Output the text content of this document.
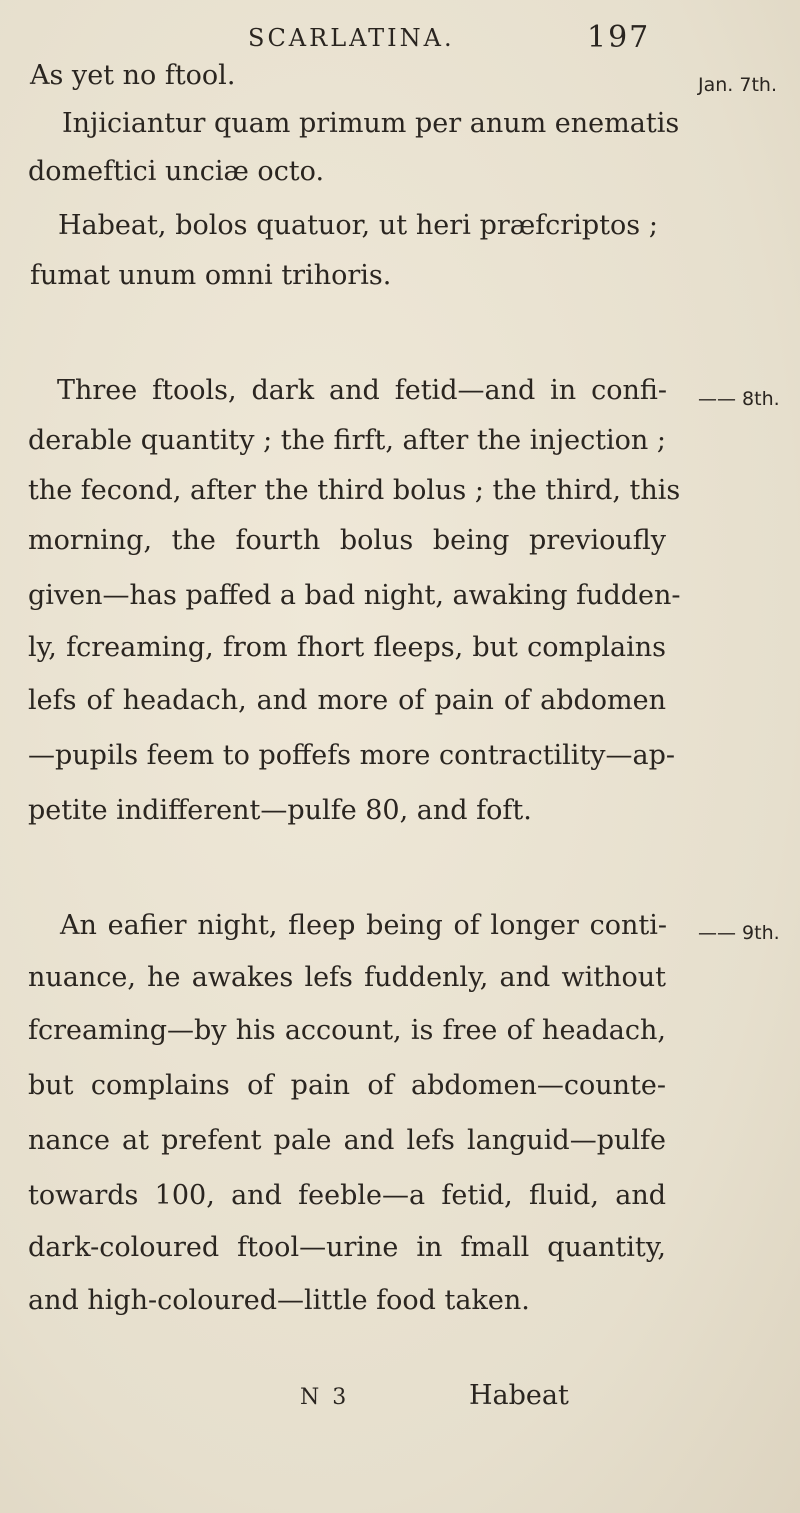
SCARLATINA.	197
As yet no ftool.
Injiciantur quam primum per anum enematis
domeftici unciæ octo.
Habeat, bolos quatuor, ut heri præfcriptos ;
fumat unum omni trihoris.
Three ftools, dark and fetid—and in confi-
derable quantity ; the firft, after the injection ;
the fecond, after the third bolus ; the third, this
morning, the fourth bolus being previoufly
given—has paffed a bad night, awaking fudden-
ly, fcreaming, from fhort fleeps, but complains
lefs of headach, and more of pain of abdomen
—pupils feem to poffefs more contractility—ap-
petite indifferent—pulfe 80, and foft.
An eafier night, fleep being of longer conti-
nuance, he awakes lefs fuddenly, and without
fcreaming—by his account, is free of headach,
but complains of pain of abdomen—counte-
nance at prefent pale and lefs languid—pulfe
towards 100, and feeble—a fetid, fluid, and
dark-coloured ftool—urine in fmall quantity,
and high-coloured—little food taken.
Jan. 7th.
—— 8th.
—— 9th.
N 3	Habeat
